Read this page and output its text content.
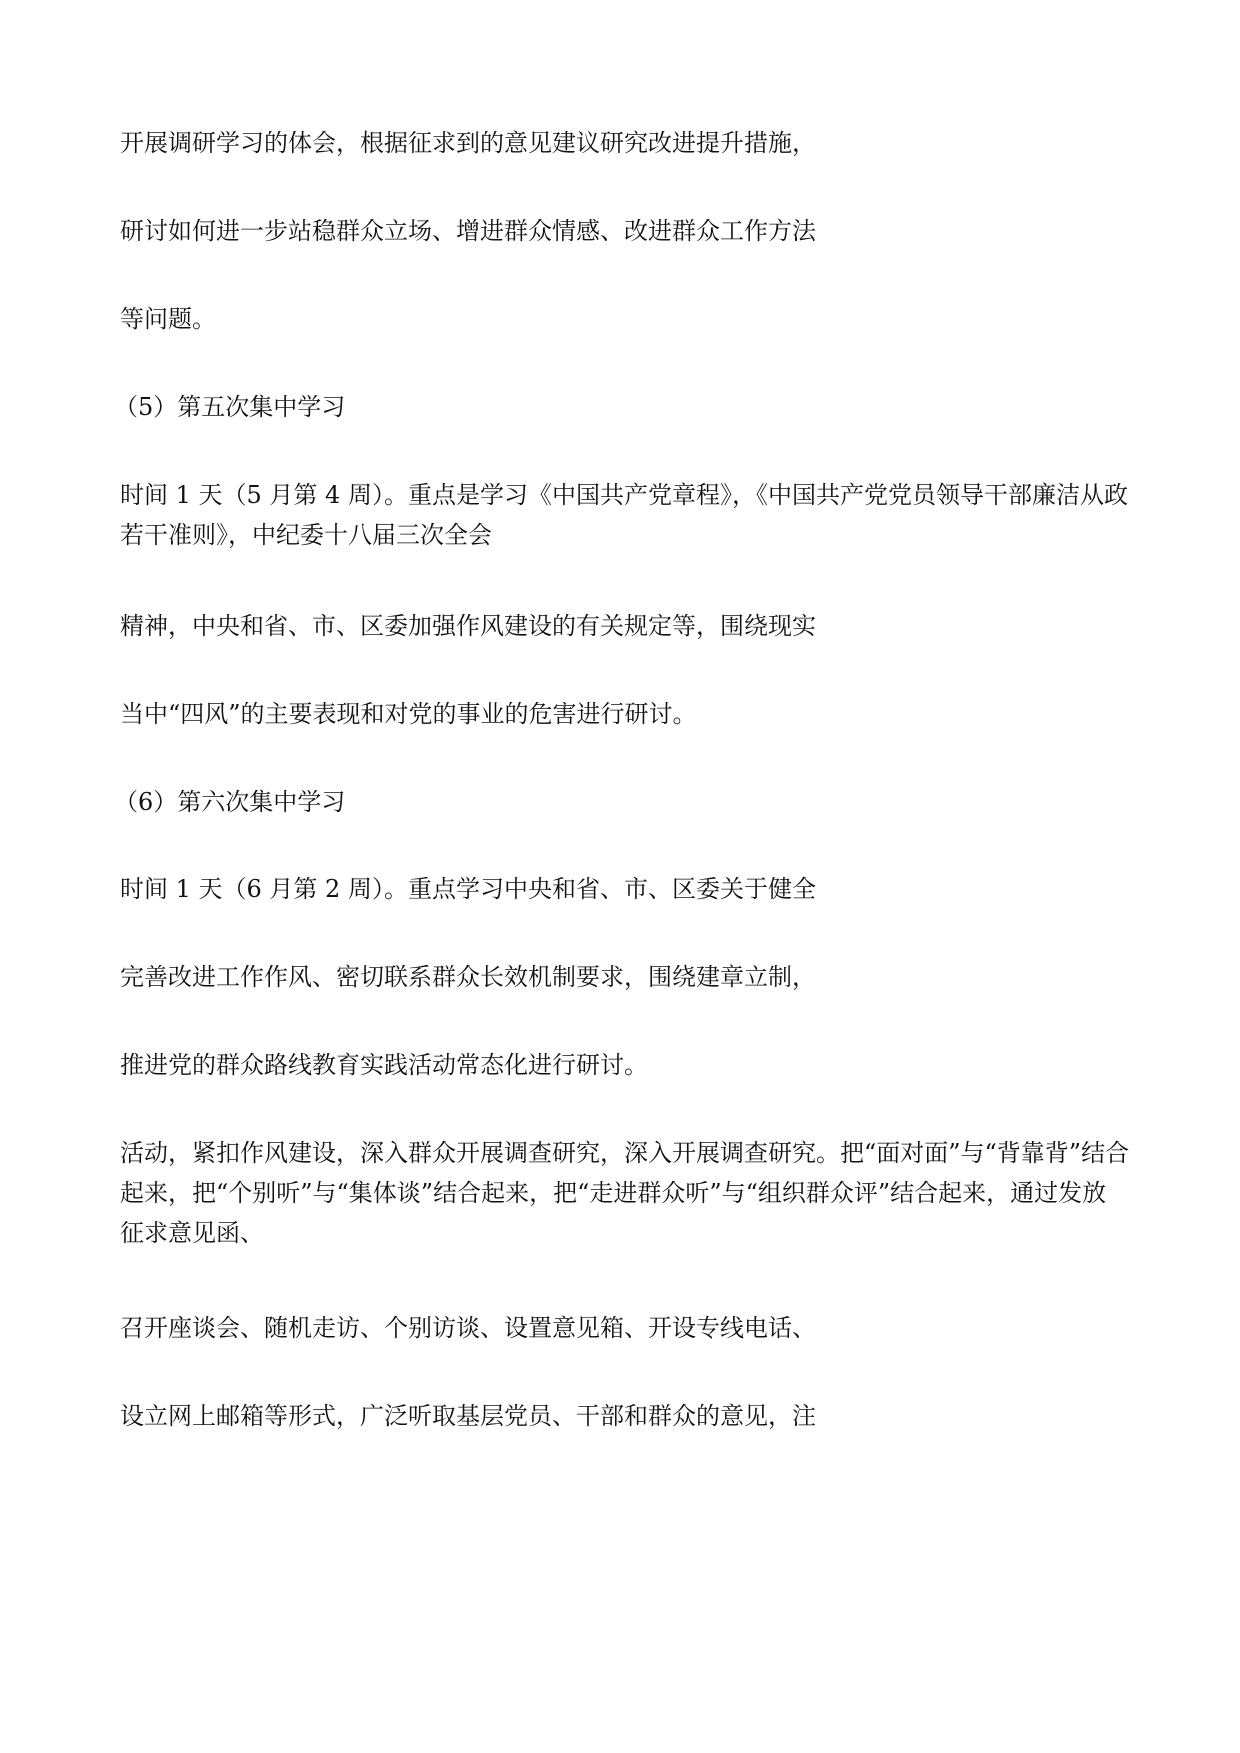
开展调研学习的体会，根据征求到的意见建议研究改进提升措施，

研讨如何进一步站稳群众立场、增进群众情感、改进群众工作方法

等问题。

（5）第五次集中学习

时间 1 天（5 月第 4 周）。重点是学习《中国共产党章程》，《中国共产党党员领导干部廉洁从政若干准则》，中纪委十八届三次全会

精神，中央和省、市、区委加强作风建设的有关规定等，围绕现实

当中“四风”的主要表现和对党的事业的危害进行研讨。

（6）第六次集中学习

时间 1 天（6 月第 2 周）。重点学习中央和省、市、区委关于健全

完善改进工作作风、密切联系群众长效机制要求，围绕建章立制，

推进党的群众路线教育实践活动常态化进行研讨。

活动，紧扣作风建设，深入群众开展调查研究，深入开展调查研究。把“面对面”与“背靠背”结合起来，把“个别听”与“集体谈”结合起来，把“走进群众听”与“组织群众评”结合起来，通过发放征求意见函、

召开座谈会、随机走访、个别访谈、设置意见箱、开设专线电话、

设立网上邮箱等形式，广泛听取基层党员、干部和群众的意见，注
